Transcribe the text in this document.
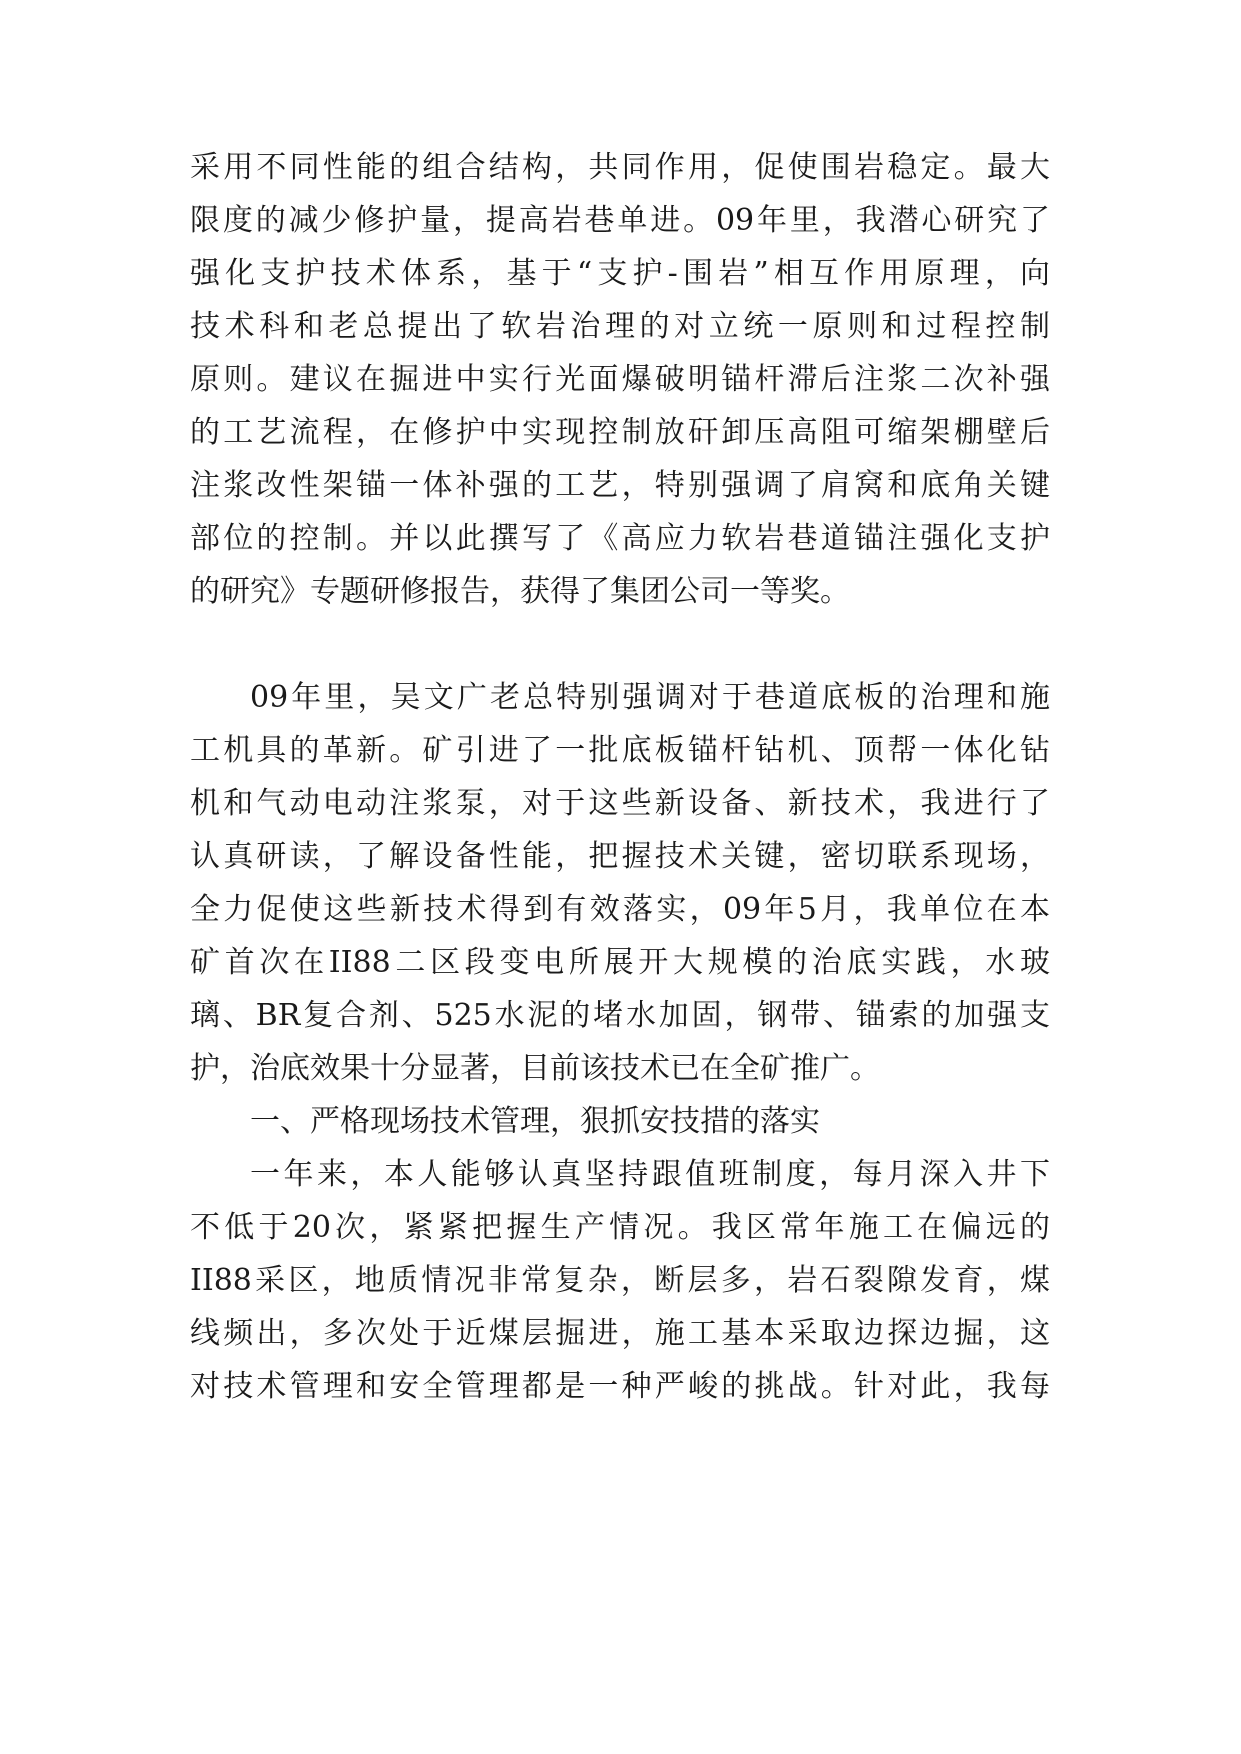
采用不同性能的组合结构，共同作用，促使围岩稳定。最大
限度的减少修护量，提高岩巷单进。09年里，我潜心研究了
强化支护技术体系，基于“支护-围岩”相互作用原理，向
技术科和老总提出了软岩治理的对立统一原则和过程控制
原则。建议在掘进中实行光面爆破明锚杆滞后注浆二次补强
的工艺流程，在修护中实现控制放矸卸压高阻可缩架棚壁后
注浆改性架锚一体补强的工艺，特别强调了肩窝和底角关键
部位的控制。并以此撰写了《高应力软岩巷道锚注强化支护
的研究》专题研修报告，获得了集团公司一等奖。
09年里，吴文广老总特别强调对于巷道底板的治理和施
工机具的革新。矿引进了一批底板锚杆钻机、顶帮一体化钻
机和气动电动注浆泵，对于这些新设备、新技术，我进行了
认真研读，了解设备性能，把握技术关键，密切联系现场，
全力促使这些新技术得到有效落实，09年5月，我单位在本
矿首次在II88二区段变电所展开大规模的治底实践，水玻
璃、BR复合剂、525水泥的堵水加固，钢带、锚索的加强支
护，治底效果十分显著，目前该技术已在全矿推广。
一、严格现场技术管理，狠抓安技措的落实
一年来，本人能够认真坚持跟值班制度，每月深入井下
不低于20次，紧紧把握生产情况。我区常年施工在偏远的
II88采区，地质情况非常复杂，断层多，岩石裂隙发育，煤
线频出，多次处于近煤层掘进，施工基本采取边探边掘，这
对技术管理和安全管理都是一种严峻的挑战。针对此，我每
